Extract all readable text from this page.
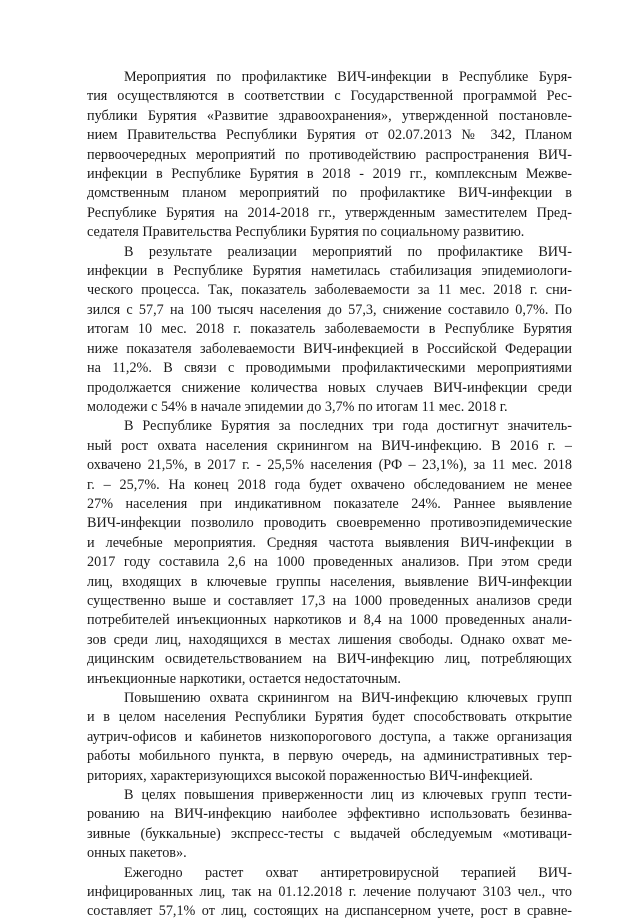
Мероприятия по профилактике ВИЧ-инфекции в Республике Буря-
тия осуществляются в соответствии с Государственной программой Рес-
публики Бурятия «Развитие здравоохранения», утвержденной постановле-
нием Правительства Республики Бурятия от 02.07.2013 № 342, Планом
первоочередных мероприятий по противодействию распространения ВИЧ-
инфекции в Республике Бурятия в 2018 - 2019 гг., комплексным Межве-
домственным планом мероприятий по профилактике ВИЧ-инфекции в
Республике Бурятия на 2014-2018 гг., утвержденным заместителем Пред-
седателя Правительства Республики Бурятия по социальному развитию.
В результате реализации мероприятий по профилактике ВИЧ-
инфекции в Республике Бурятия наметилась стабилизация эпидемиологи-
ческого процесса. Так, показатель заболеваемости за 11 мес. 2018 г. сни-
зился с 57,7 на 100 тысяч населения до 57,3, снижение составило 0,7%. По
итогам 10 мес. 2018 г. показатель заболеваемости в Республике Бурятия
ниже показателя заболеваемости ВИЧ-инфекцией в Российской Федерации
на 11,2%. В связи с проводимыми профилактическими мероприятиями
продолжается снижение количества новых случаев ВИЧ-инфекции среди
молодежи с 54% в начале эпидемии до 3,7% по итогам 11 мес. 2018 г.
В Республике Бурятия за последних три года достигнут значитель-
ный рост охвата населения скринингом на ВИЧ-инфекцию. В 2016 г. –
охвачено 21,5%, в 2017 г. - 25,5% населения (РФ – 23,1%), за 11 мес. 2018
г. – 25,7%. На конец 2018 года будет охвачено обследованием не менее
27% населения при индикативном показателе 24%. Раннее выявление
ВИЧ-инфекции позволило проводить своевременно противоэпидемические
и лечебные мероприятия. Средняя частота выявления ВИЧ-инфекции в
2017 году составила 2,6 на 1000 проведенных анализов. При этом среди
лиц, входящих в ключевые группы населения, выявление ВИЧ-инфекции
существенно выше и составляет 17,3 на 1000 проведенных анализов среди
потребителей инъекционных наркотиков и 8,4 на 1000 проведенных анали-
зов среди лиц, находящихся в местах лишения свободы. Однако охват ме-
дицинским освидетельствованием на ВИЧ-инфекцию лиц, потребляющих
инъекционные наркотики, остается недостаточным.
Повышению охвата скринингом на ВИЧ-инфекцию ключевых групп
и в целом населения Республики Бурятия будет способствовать открытие
аутрич-офисов и кабинетов низкопорогового доступа, а также организация
работы мобильного пункта, в первую очередь, на административных тер-
риториях, характеризующихся высокой пораженностью ВИЧ-инфекцией.
В целях повышения приверженности лиц из ключевых групп тести-
рованию на ВИЧ-инфекцию наиболее эффективно использовать безинва-
зивные (буккальные) экспресс-тесты с выдачей обследуемым «мотиваци-
онных пакетов».
Ежегодно растет охват антиретровирусной терапией ВИЧ-
инфицированных лиц, так на 01.12.2018 г. лечение получают 3103 чел., что
составляет 57,1% от лиц, состоящих на диспансерном учете, рост в сравне-
